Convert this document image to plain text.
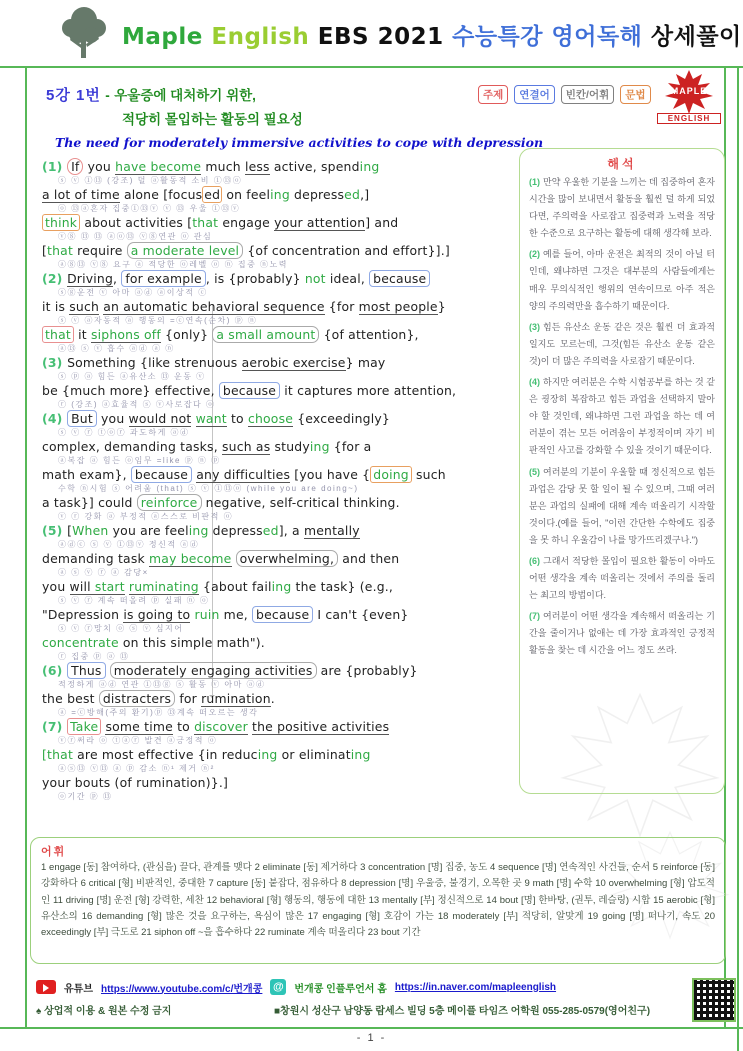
Maple English EBS 2021 수능특강 영어독해 상세풀이
5강 1번 - 우울증에 대처하기 위한,
적당히 몰입하는 활동의 필요성
The need for moderately immersive activities to cope with depression
주제	연결어	빈칸/어휘	문법	MAPLE
ENGLISH
(1) If you have become much less active, spending
ⓢ ⓥ ①⑬ (강조) 덜 ⓐ활동적 소비 ①⑬ⓞ
a lot of time alone [focus ed on feeling depressed,]
ⓞ ⑬ⓐ혼자 집중①⑬ⓥ ⓥ ⑬ 우울 ①⑬ⓥ
think about activities [that engage your attention] and
ⓥ⑧ ⑬ ⑬ ⓐⓞ⑬ ⓥ⑧연관 ⓞ 관심
[that require a moderate level {of concentration and effort}].]
ⓐ⑧⑬ ⓥ⑧ 요구 ⓐ 적당한 ⓞ레벨 ⓞ ⓝ 집중 ⓝ노력
(2) Driving, for example , is {probably} not ideal, because
ⓢⓖ운전 ⓥ 아마 ⓐⓓ ⓐ이상적 ⓒ
it is such an automatic behavioral sequence {for most people}
ⓢ ⓥ ⓐ자동적 ⓐ 행동의 =ⓒ연속(순차) ⓟ ⓝ
that it siphons off {only} a small amount {of attention},
ⓐ⑬ ⓢ ⓥ 흡수 ⓐⓓ ⓐ ⓝ
(3) Something {like strenuous aerobic exercise} may
ⓢ ⓟ ⓐ 힘든 ⓐ유산소 ⑬ 운동 ⓥ
be {much more} effective, because it captures more attention,
ⓡ (강조) ⓐ효율적 ⓢ ⓥ사로잡다 ⓞ
(4) But you would not want to choose {exceedingly}
ⓢ ⓥ ⓡ ⓣⓞⓡ 과도하게 ⓐⓓ
complex, demanding tasks, such as studying {for a
ⓐ복잡 ⓐ 힘든 ⓞ임무 =like ⓟ ⓝ ⓟ
math exam}, because any difficulties [you have { doing such
수학 ⓝ시험 ⓢ 어려움 (that) ⓢ ⓥ ①⑬ⓞ (while you are doing~)
a task}] could reinforce negative, self-critical thinking.
ⓥ ⓡ 강화 ⓐ 부정적 ⓐ스스로 비판적 ⓞ
(5) [When you are feeling depressed], a mentally
ⓐⓓⓒ ⓢ ⓥ ①⑬ⓥ 정신적 ⓐⓓ
demanding task may become overwhelming, and then
ⓐ ⓢ ⓥ ⓡ ⓐ 감당×
you will start ruminating {about failing the task} (e.g.,
ⓢ ⓥ ⓡ 계속 떠올려 ⓟ 실패 ⓝ ⓞ
"Depression is going to ruin me, because I can't {even}
ⓢ ⓥ ⓡ망치 ⓞ ⓢ ⓥ 심지어
concentrate on this simple math").
ⓡ 집중 ⓟ ⓐ ⑬
(6) Thus moderately engaging activities are {probably}
적정하게 ⓐⓓ 연관 ①⑬ⓖ ⓢ 활동 ⓥ 아마 ⓐⓓ
the best distracters for rumination.
ⓐ =ⓒ방해(주의 환기)ⓟ ⑬계속 떠오르는 생각
(7) Take some time to discover the positive activities
ⓥⓡ써라 ⓞ ⓣⓐⓡ 발견 ⓐ긍정적 ⓞ
[that are most effective {in reducing or eliminating
ⓐⓢ⑬ ⓥ⑬ ⓐ ⓟ 감소 ⓝ¹ 제거 ⓝ²
your bouts (of rumination)}.]
ⓞ기간 ⓟ ⑬
해석
(1) 만약 우울한 기분을 느끼는 데 집중하여 혼자 시간을 많이 보내면서 활동을 훨씬 덜 하게 되었다면, 주의력을 사로잡고 집중력과 노력을 적당한 수준으로 요구하는 활동에 대해 생각해 보라.
(2) 예를 들어, 아마 운전은 최적의 것이 아닐 터인데, 왜냐하면 그것은 대부분의 사람들에게는 매우 무의식적인 행위의 연속이므로 아주 적은 양의 주의력만을 흡수하기 때문이다.
(3) 힘든 유산소 운동 같은 것은 훨씬 더 효과적일지도 모르는데, 그것(힘든 유산소 운동 같은 것)이 더 많은 주의력을 사로잡기 때문이다.
(4) 하지만 여러분은 수학 시험공부를 하는 것 같은 굉장히 복잡하고 힘든 과업을 선택하지 말아야 할 것인데, 왜냐하면 그런 과업을 하는 데 여러분이 겪는 모든 어려움이 부정적이며 자기 비판적인 사고를 강화할 수 있을 것이기 때문이다.
(5) 여러분의 기분이 우울할 때 정신적으로 힘든 과업은 감당 못 할 일이 될 수 있으며, 그때 여러분은 과업의 실패에 대해 계속 떠올리기 시작할 것이다.(예를 들어, "이런 간단한 수학에도 집중을 못 하니 우울감이 나를 망가뜨리겠구나.")
(6) 그래서 적당한 몰입이 필요한 활동이 아마도 어떤 생각을 계속 떠올리는 것에서 주의를 돌리는 최고의 방법이다.
(7) 여러분이 어떤 생각을 계속해서 떠올리는 기간을 줄이거나 없애는 데 가장 효과적인 긍정적 활동을 찾는 데 시간을 어느 정도 쓰라.
어휘
1 engage [동] 참여하다, (관심을) 끌다, 관계를 맺다 2 eliminate [동] 제거하다 3 concentration [명] 집중, 농도 4 sequence [명] 연속적인 사건들, 순서 5 reinforce [동] 강화하다 6 critical [형] 비판적인, 중대한 7 capture [동] 붙잡다, 점유하다 8 depression [명] 우울증, 불경기, 오목한 곳 9 math [명] 수학 10 overwhelming [형] 압도적인 11 driving [명] 운전 [형] 강력한, 세찬 12 behavioral [형] 행동의, 행동에 대한 13 mentally [부] 정신적으로 14 bout [명] 한바탕, (권투, 레슬링) 시합 15 aerobic [형] 유산소의 16 demanding [형] 많은 것을 요구하는, 욕심이 많은 17 engaging [형] 호감이 가는 18 moderately [부] 적당히, 알맞게 19 going [명] 떠나기, 속도 20 exceedingly [부] 극도로 21 siphon off ~을 흡수하다 22 ruminate 계속 떠올리다 23 bout 기간
유튜브 https://www.youtube.com/c/번개콩 @ 번개콩 인플루언서 홈 https://in.naver.com/mapleenglish
♠ 상업적 이용 & 원본 수정 금지	■창원시 성산구 남양동 람세스 빌딩 5층 메이플 타임즈 어학원 055-285-0579(영어친구)
- 1 -
